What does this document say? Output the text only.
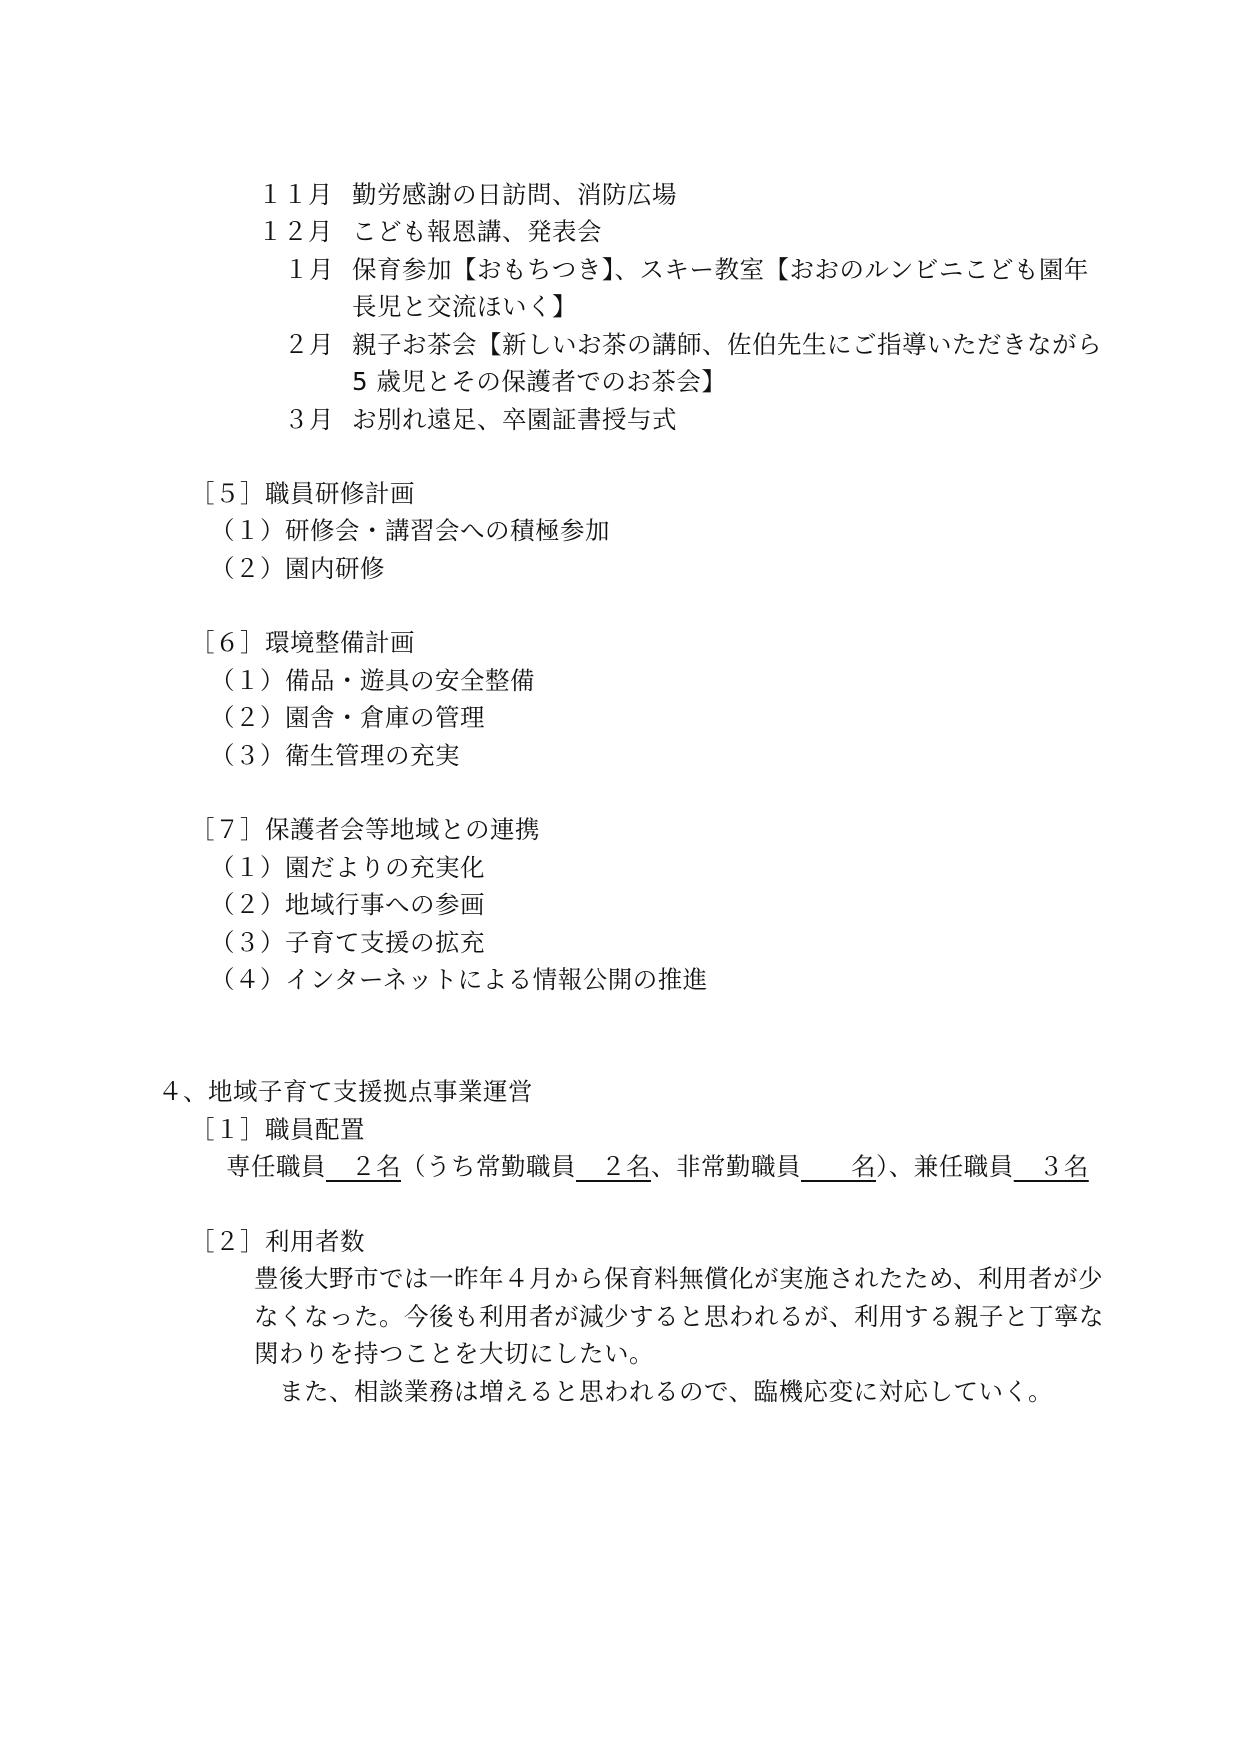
１１月 勤労感謝の日訪問、消防広場
１２月 こども報恩講、発表会
１月 保育参加【おもちつき】、スキー教室【おおのルンビニこども園年
長児と交流ほいく】
２月 親子お茶会【新しいお茶の講師、佐伯先生にご指導いただきながら
5 歳児とその保護者でのお茶会】
３月 お別れ遠足、卒園証書授与式
［５］職員研修計画
（１）研修会・講習会への積極参加
（２）園内研修
［６］環境整備計画
（１）備品・遊具の安全整備
（２）園舎・倉庫の管理
（３）衛生管理の充実
［７］保護者会等地域との連携
（１）園だよりの充実化
（２）地域行事への参画
（３）子育て支援の拡充
（４）インターネットによる情報公開の推進
４、地域子育て支援拠点事業運営
［１］職員配置
専任職員　２名（うち常勤職員　２名、非常勤職員　　名）、兼任職員　３名
［２］利用者数
豊後大野市では一昨年４月から保育料無償化が実施されたため、利用者が少
なくなった。今後も利用者が減少すると思われるが、利用する親子と丁寧な
関わりを持つことを大切にしたい。
　また、相談業務は増えると思われるので、臨機応変に対応していく。
